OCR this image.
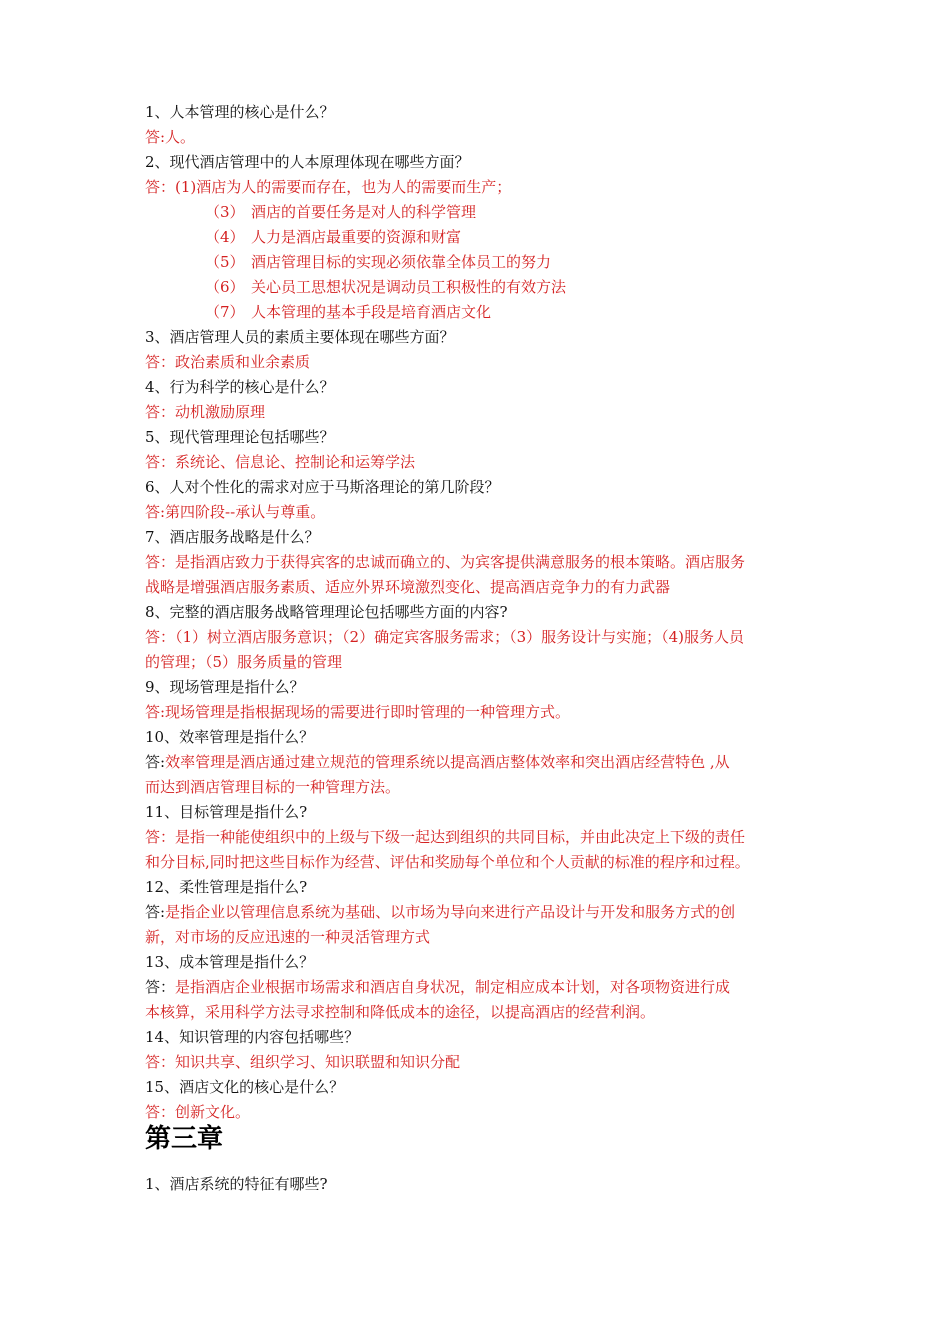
1、人本管理的核心是什么？
答:人。
2、现代酒店管理中的人本原理体现在哪些方面？
答：(1)酒店为人的需要而存在，也为人的需要而生产；
（3） 酒店的首要任务是对人的科学管理
（4） 人力是酒店最重要的资源和财富
（5） 酒店管理目标的实现必须依靠全体员工的努力
（6） 关心员工思想状况是调动员工积极性的有效方法
（7） 人本管理的基本手段是培育酒店文化
3、酒店管理人员的素质主要体现在哪些方面？
答：政治素质和业余素质
4、行为科学的核心是什么？
答：动机激励原理
5、现代管理理论包括哪些？
答：系统论、信息论、控制论和运筹学法
6、人对个性化的需求对应于马斯洛理论的第几阶段？
答:第四阶段--承认与尊重。
7、酒店服务战略是什么？
答：是指酒店致力于获得宾客的忠诚而确立的、为宾客提供满意服务的根本策略。酒店服务
战略是增强酒店服务素质、适应外界环境激烈变化、提高酒店竞争力的有力武器
8、完整的酒店服务战略管理理论包括哪些方面的内容?
答：（1）树立酒店服务意识；（2）确定宾客服务需求；（3）服务设计与实施；（4)服务人员
的管理；（5）服务质量的管理
9、现场管理是指什么？
答:现场管理是指根据现场的需要进行即时管理的一种管理方式。
10、效率管理是指什么？
答:效率管理是酒店通过建立规范的管理系统以提高酒店整体效率和突出酒店经营特色 ,从
而达到酒店管理目标的一种管理方法。
11、目标管理是指什么?
答：是指一种能使组织中的上级与下级一起达到组织的共同目标，并由此决定上下级的责任
和分目标,同时把这些目标作为经营、评估和奖励每个单位和个人贡献的标准的程序和过程。
12、柔性管理是指什么?
答:是指企业以管理信息系统为基础、以市场为导向来进行产品设计与开发和服务方式的创
新，对市场的反应迅速的一种灵活管理方式
13、成本管理是指什么？
答：是指酒店企业根据市场需求和酒店自身状况，制定相应成本计划，对各项物资进行成
本核算，采用科学方法寻求控制和降低成本的途径，以提高酒店的经营利润。
14、知识管理的内容包括哪些？
答：知识共享、组织学习、知识联盟和知识分配
15、酒店文化的核心是什么？
答：创新文化。
第三章
1、酒店系统的特征有哪些?
